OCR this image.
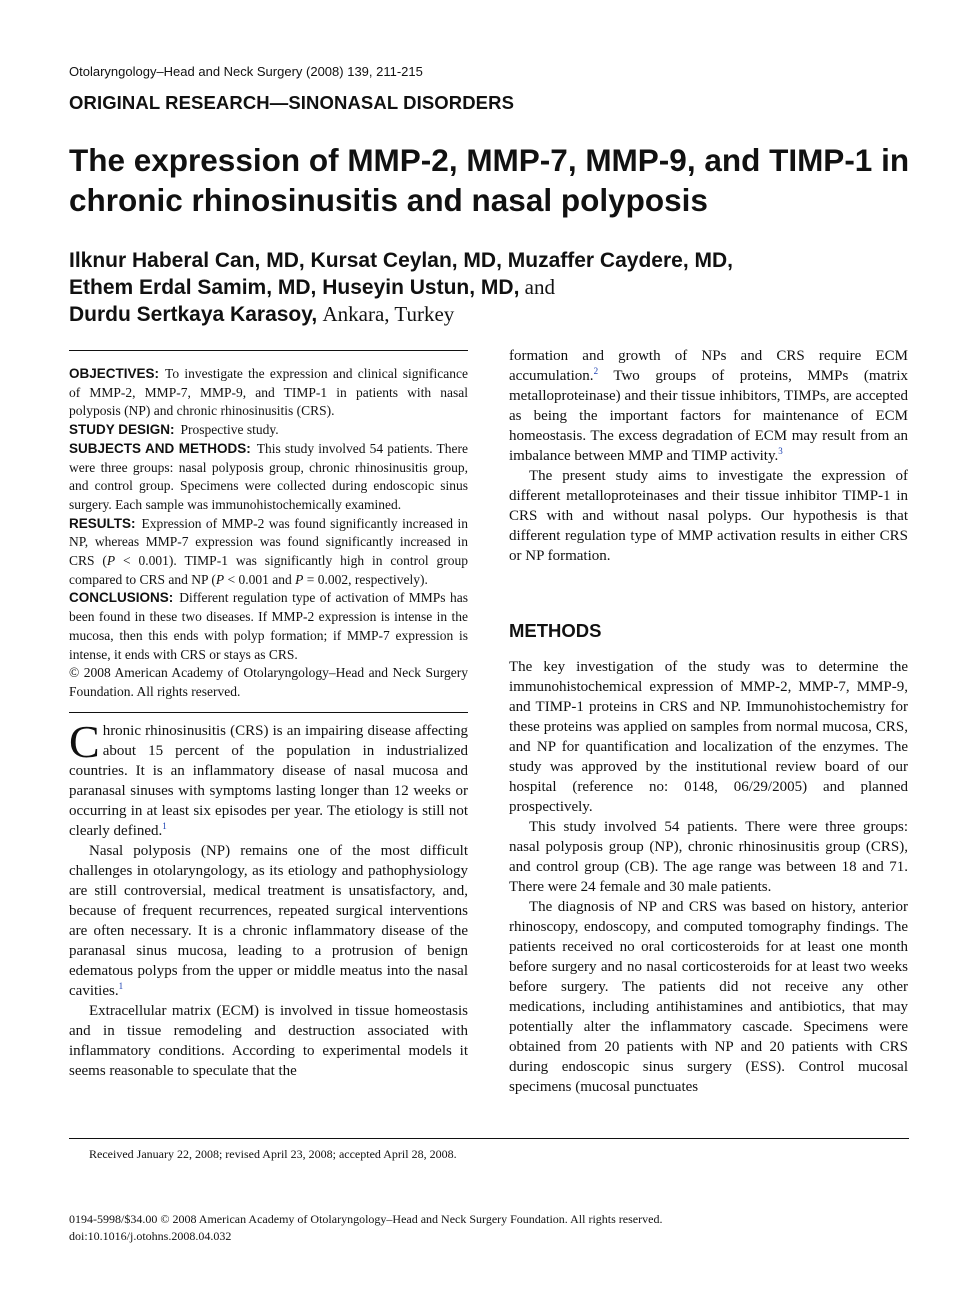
Otolaryngology–Head and Neck Surgery (2008) 139, 211-215
ORIGINAL RESEARCH—SINONASAL DISORDERS
The expression of MMP-2, MMP-7, MMP-9, and TIMP-1 in chronic rhinosinusitis and nasal polyposis
Ilknur Haberal Can, MD, Kursat Ceylan, MD, Muzaffer Caydere, MD,
Ethem Erdal Samim, MD, Huseyin Ustun, MD, and
Durdu Sertkaya Karasoy, Ankara, Turkey

OBJECTIVES: To investigate the expression and clinical significance of MMP-2, MMP-7, MMP-9, and TIMP-1 in patients with nasal polyposis (NP) and chronic rhinosinusitis (CRS).

STUDY DESIGN: Prospective study.

SUBJECTS AND METHODS: This study involved 54 patients. There were three groups: nasal polyposis group, chronic rhinosinusitis group, and control group. Specimens were collected during endoscopic sinus surgery. Each sample was immunohistochemically examined.

RESULTS: Expression of MMP-2 was found significantly increased in NP, whereas MMP-7 expression was found significantly increased in CRS (P < 0.001). TIMP-1 was significantly high in control group compared to CRS and NP (P < 0.001 and P = 0.002, respectively).

CONCLUSIONS: Different regulation type of activation of MMPs has been found in these two diseases. If MMP-2 expression is intense in the mucosa, then this ends with polyp formation; if MMP-7 expression is intense, it ends with CRS or stays as CRS.

© 2008 American Academy of Otolaryngology–Head and Neck Surgery Foundation. All rights reserved.

Chronic rhinosinusitis (CRS) is an impairing disease affecting about 15 percent of the population in industrialized countries. It is an inflammatory disease of nasal mucosa and paranasal sinuses with symptoms lasting longer than 12 weeks or occurring in at least six episodes per year. The etiology is still not clearly defined.$^1$

Nasal polyposis (NP) remains one of the most difficult challenges in otolaryngology, as its etiology and pathophysiology are still controversial, medical treatment is unsatisfactory, and, because of frequent recurrences, repeated surgical interventions are often necessary. It is a chronic inflammatory disease of the paranasal sinus mucosa, leading to a protrusion of benign edematous polyps from the upper or middle meatus into the nasal cavities.$^1$

Extracellular matrix (ECM) is involved in tissue homeostasis and in tissue remodeling and destruction associated with inflammatory conditions. According to experimental models it seems reasonable to speculate that the

formation and growth of NPs and CRS require ECM accumulation.$^2$ Two groups of proteins, MMPs (matrix metalloproteinase) and their tissue inhibitors, TIMPs, are accepted as being the important factors for maintenance of ECM homeostasis. The excess degradation of ECM may result from an imbalance between MMP and TIMP activity.$^3$

The present study aims to investigate the expression of different metalloproteinases and their tissue inhibitor TIMP-1 in CRS with and without nasal polyps. Our hypothesis is that different regulation type of MMP activation results in either CRS or NP formation.

METHODS

The key investigation of the study was to determine the immunohistochemical expression of MMP-2, MMP-7, MMP-9, and TIMP-1 proteins in CRS and NP. Immunohistochemistry for these proteins was applied on samples from normal mucosa, CRS, and NP for quantification and localization of the enzymes. The study was approved by the institutional review board of our hospital (reference no: 0148, 06/29/2005) and planned prospectively.

This study involved 54 patients. There were three groups: nasal polyposis group (NP), chronic rhinosinusitis group (CRS), and control group (CB). The age range was between 18 and 71. There were 24 female and 30 male patients.

The diagnosis of NP and CRS was based on history, anterior rhinoscopy, endoscopy, and computed tomography findings. The patients received no oral corticosteroids for at least one month before surgery and no nasal corticosteroids for at least two weeks before surgery. The patients did not receive any other medications, including antihistamines and antibiotics, that may potentially alter the inflammatory cascade. Specimens were obtained from 20 patients with NP and 20 patients with CRS during endoscopic sinus surgery (ESS). Control mucosal specimens (mucosal punctuates

Received January 22, 2008; revised April 23, 2008; accepted April 28, 2008.
0194-5998/$34.00 © 2008 American Academy of Otolaryngology–Head and Neck Surgery Foundation. All rights reserved.
doi:10.1016/j.otohns.2008.04.032
